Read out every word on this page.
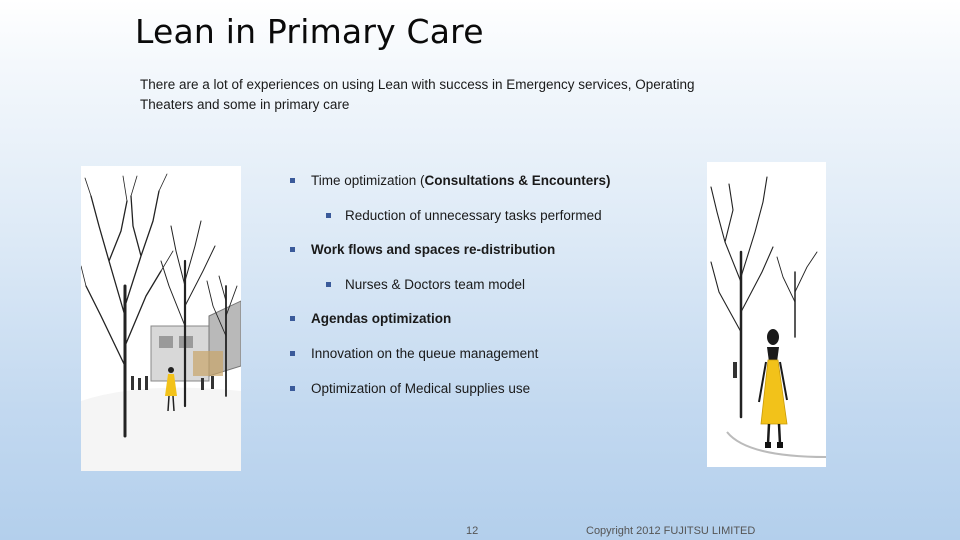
Lean in Primary Care
There are a lot of experiences on using Lean with success in Emergency services, Operating Theaters and some in primary care
Time optimization (Consultations & Encounters)
Reduction of unnecessary tasks performed
Work flows and spaces re-distribution
Nurses & Doctors team model
Agendas optimization
Innovation on the queue management
Optimization of Medical supplies use
12	Copyright 2012 FUJITSU LIMITED
